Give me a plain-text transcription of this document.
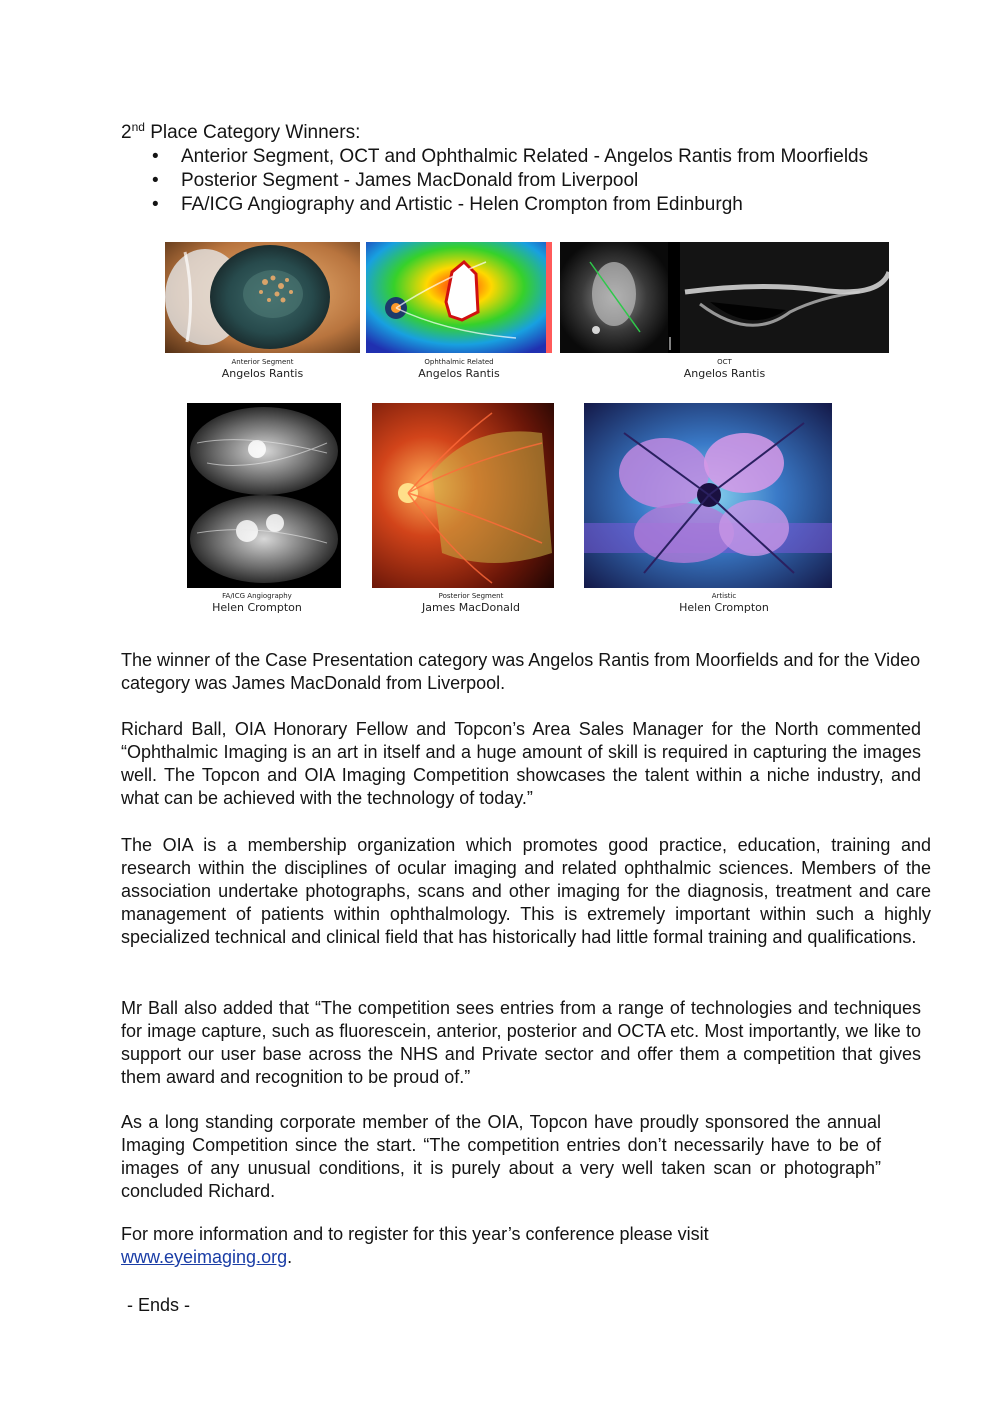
2nd Place Category Winners:
• Anterior Segment, OCT and Ophthalmic Related - Angelos Rantis from Moorfields
• Posterior Segment - James MacDonald from Liverpool
• FA/ICG Angiography and Artistic - Helen Crompton from Edinburgh
Anterior Segment
Angelos Rantis
Ophthalmic Related
Angelos Rantis
OCT
Angelos Rantis
FA/ICG Angiography
Helen Crompton
Posterior Segment
James MacDonald
Artistic
Helen Crompton

The winner of the Case Presentation category was Angelos Rantis from Moorfields and for the Video category was James MacDonald from Liverpool.

Richard Ball, OIA Honorary Fellow and Topcon’s Area Sales Manager for the North commented “Ophthalmic Imaging is an art in itself and a huge amount of skill is required in capturing the images well. The Topcon and OIA Imaging Competition showcases the talent within a niche industry, and what can be achieved with the technology of today.”

The OIA is a membership organization which promotes good practice, education, training and research within the disciplines of ocular imaging and related ophthalmic sciences. Members of the association undertake photographs, scans and other imaging for the diagnosis, treatment and care management of patients within ophthalmology. This is extremely important within such a highly specialized technical and clinical field that has historically had little formal training and qualifications.

Mr Ball also added that “The competition sees entries from a range of technologies and techniques for image capture, such as fluorescein, anterior, posterior and OCTA etc. Most importantly, we like to support our user base across the NHS and Private sector and offer them a competition that gives them award and recognition to be proud of.”

As a long standing corporate member of the OIA, Topcon have proudly sponsored the annual Imaging Competition since the start. “The competition entries don’t necessarily have to be of images of any unusual conditions, it is purely about a very well taken scan or photograph” concluded Richard.

For more information and to register for this year’s conference please visit
www.eyeimaging.org.

- Ends -
